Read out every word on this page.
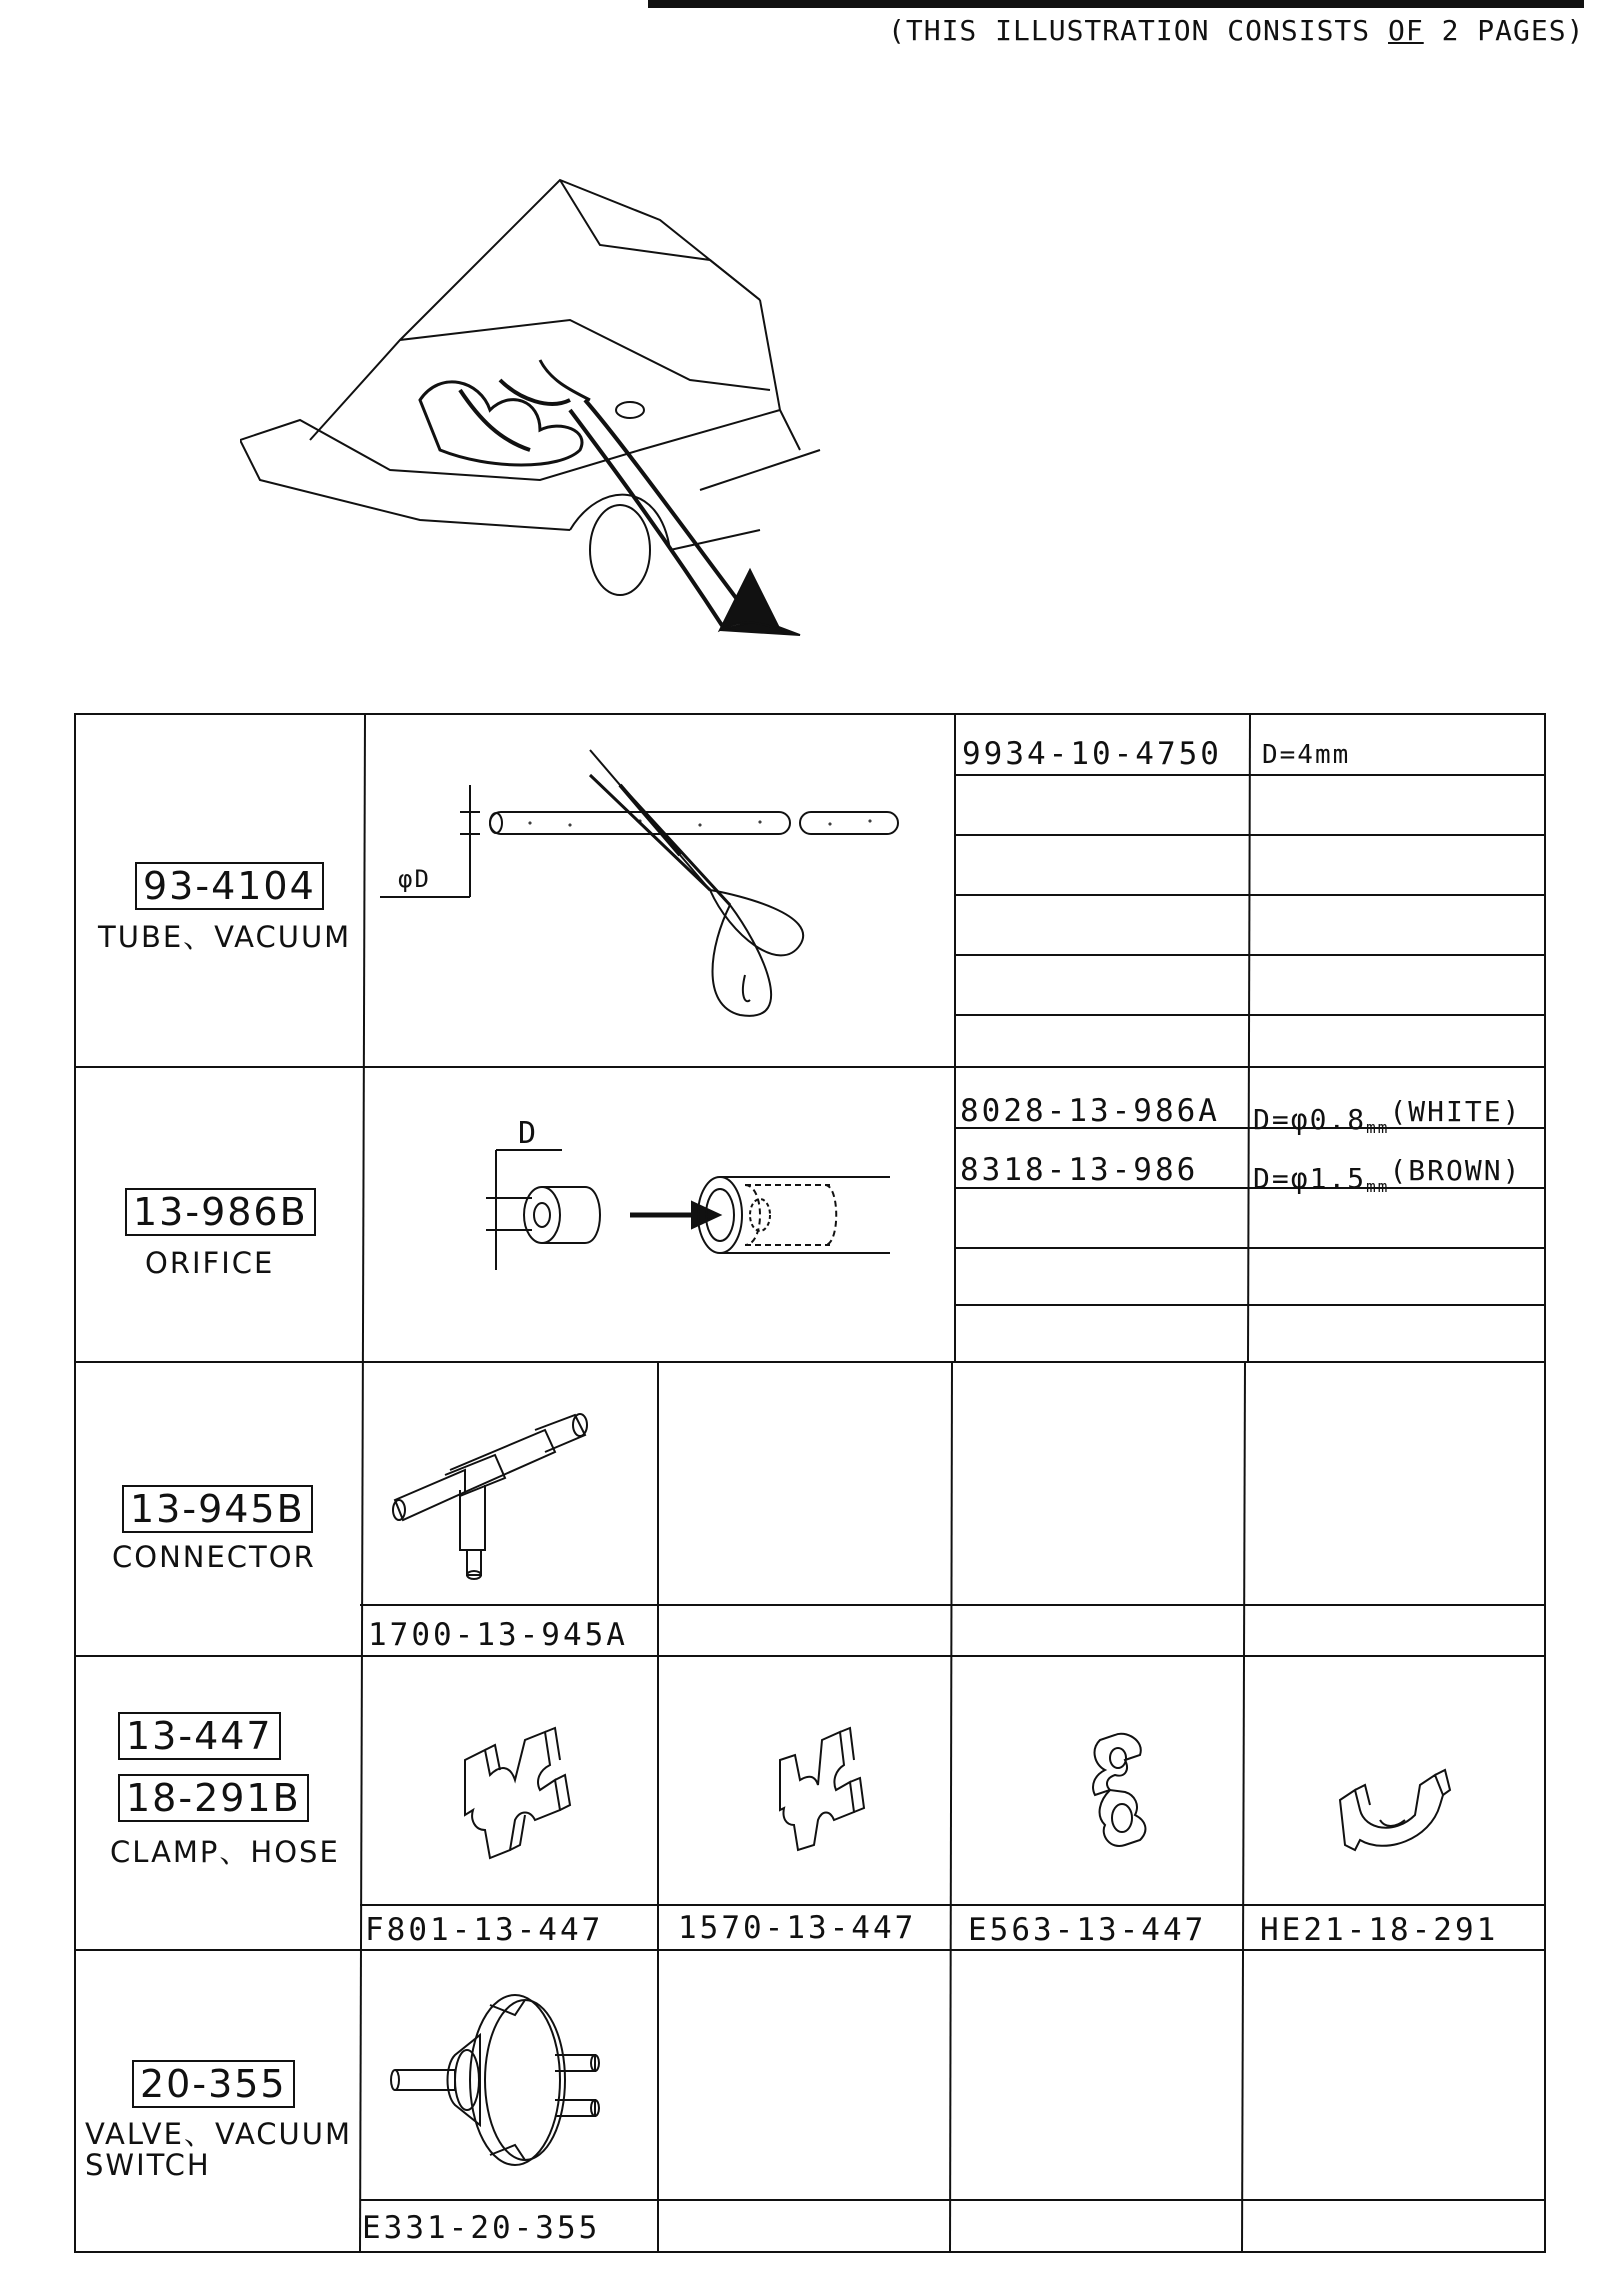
(THIS ILLUSTRATION CONSISTS OF 2 PAGES)
93-4104
TUBE、VACUUM
φD
9934-10-4750 D=4mm
13-986B
ORIFICE
D
8028-13-986A $D=\varphi 0.8_{mm}(WHITE)$
8318-13-986 $D=\varphi 1.5_{mm}(BROWN)$
13-945B
CONNECTOR
1700-13-945A
13-447
18-291B
CLAMP、HOSE
F801-13-447 1570-13-447 E563-13-447 HE21-18-291
20-355
VALVE、VACUUM
SWITCH
E331-20-355
